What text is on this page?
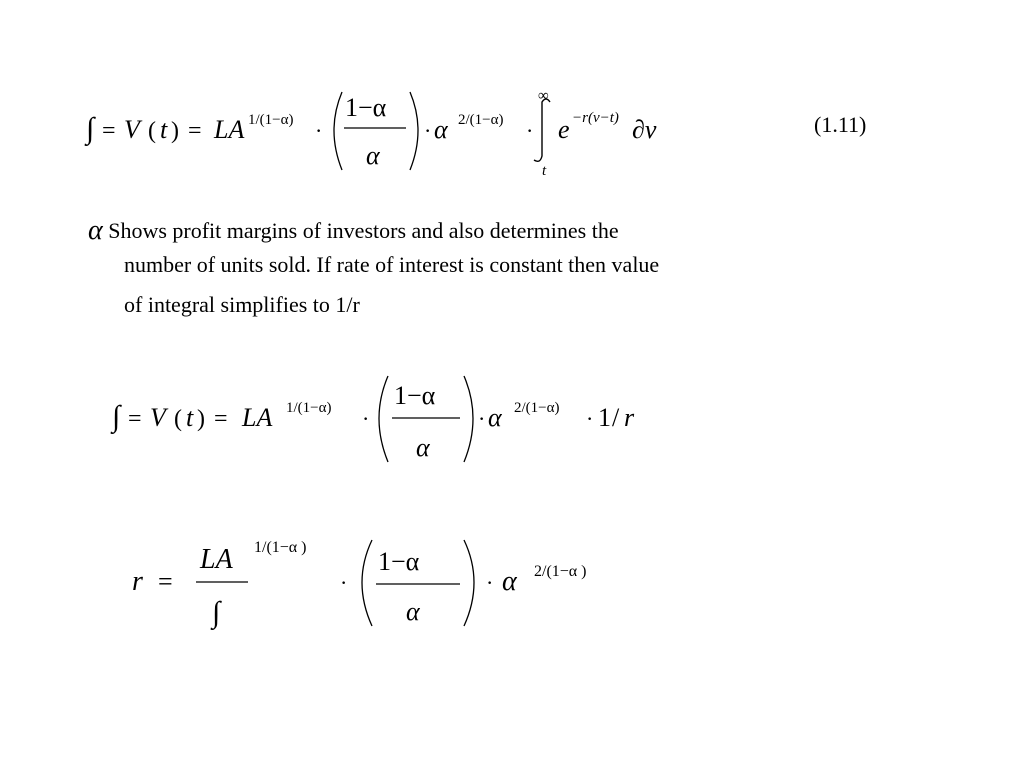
∫ = V ( t ) = LA 1/(1−α) ·
1−α
α
· α 2/(1−α) ·
∞
t
e −r(v−t) ∂v	(1.11)
α Shows profit margins of investors and also determines the
number of units sold. If rate of interest is constant then value
of integral simplifies to 1/r
∫ = V ( t ) = LA 1/(1−α) ·
1−α
α
· α 2/(1−α) · 1 / r
r =
LA
∫
1/(1−α )
·
1−α
α
· α 2/(1−α )
